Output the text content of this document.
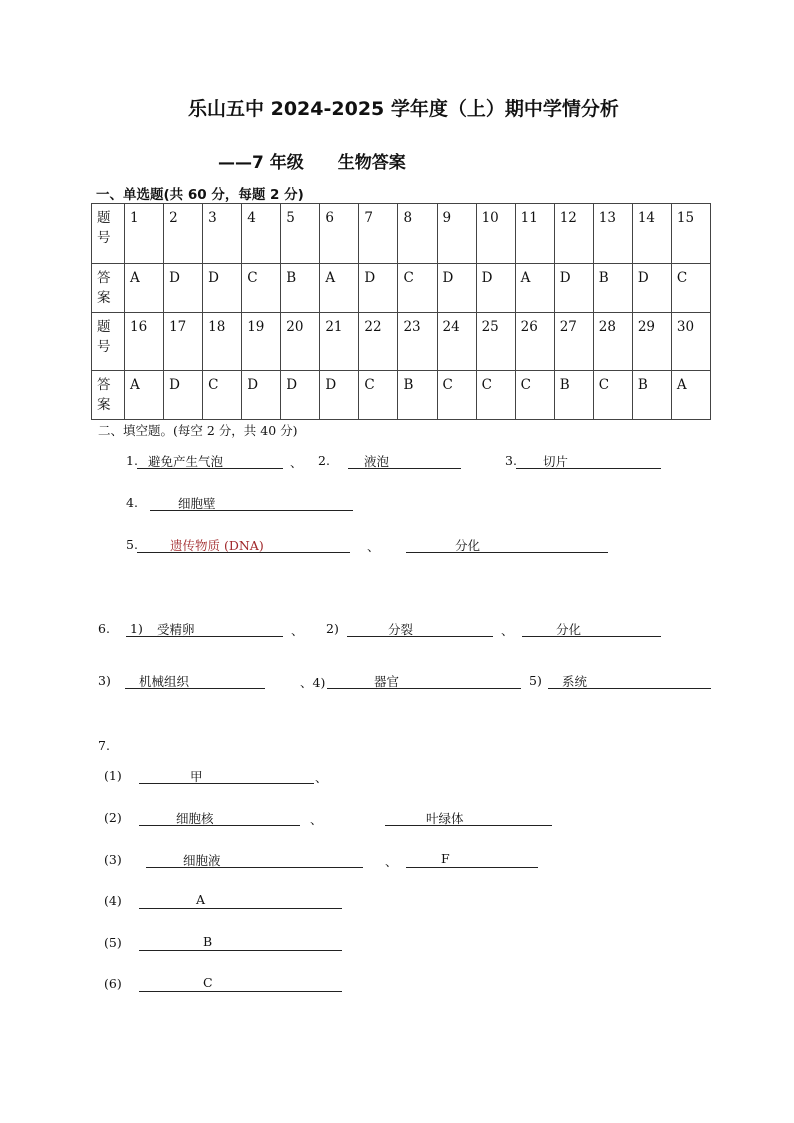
乐山五中 2024-2025 学年度（上）期中学情分析
——7 年级　　生物答案
一、单选题(共 60 分，每题 2 分)
题号	1	2	3	4	5	6	7	8	9	10	11	12	13	14	15
答案	A	D	D	C	B	A	D	C	D	D	A	D	B	D	C
题号	16	17	18	19	20	21	22	23	24	25	26	27	28	29	30
答案	A	D	C	D	D	D	C	B	C	C	C	B	C	B	A
二、填空题。(每空 2 分，共 40 分)
1. 避免产生气泡	、 2.	液泡	3. 切片
4.	细胞壁
5.	遗传物质 (DNA)	、	分化
6. 1) 受精卵	、 2)	分裂	、	分化
3) 机械组织	、4)	器官	5) 系统
7.
(1)	甲	、
(2)	细胞核	、	叶绿体
(3)	细胞液	、	F
(4)	A
(5)	B
(6)	C
